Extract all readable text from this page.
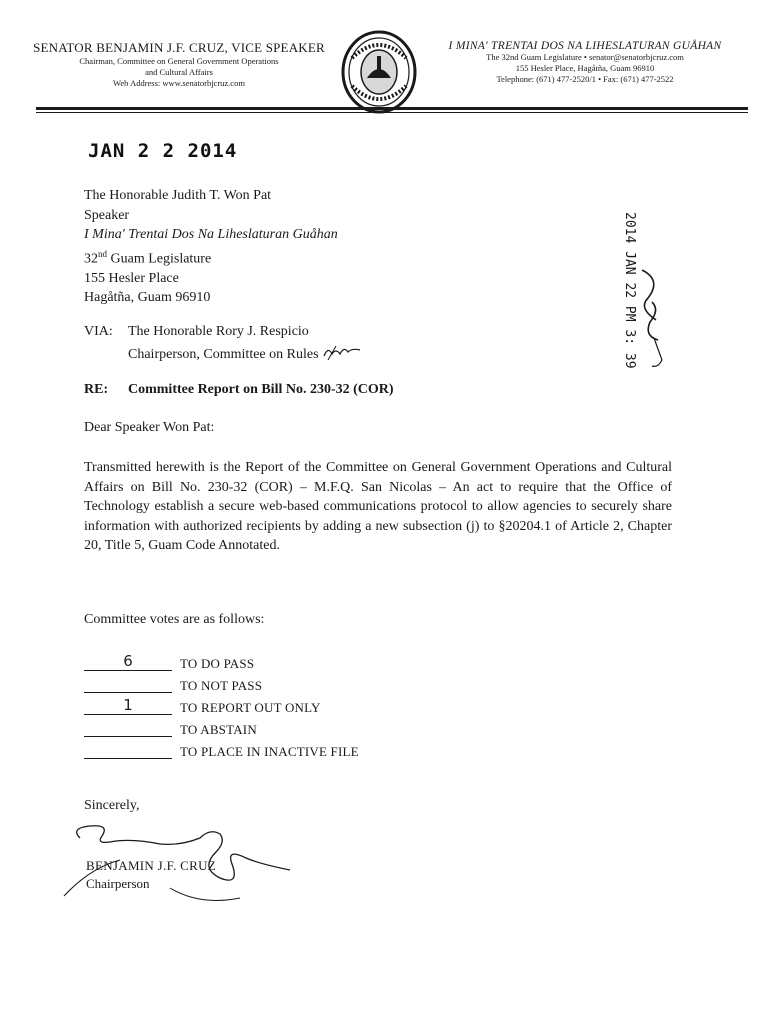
SENATOR BENJAMIN J.F. CRUZ, VICE SPEAKER
Chairman, Committee on General Government Operations
and Cultural Affairs
Web Address: www.senatorbjcruz.com
I MINA' TRENTAI DOS NA LIHESLATURAN GUÅHAN
The 32nd Guam Legislature • senator@senatorbjcruz.com
155 Hesler Place, Hagåtña, Guam 96910
Telephone: (671) 477-2520/1 • Fax: (671) 477-2522
JAN 2 2 2014
The Honorable Judith T. Won Pat
Speaker
I Mina' Trentai Dos Na Liheslaturan Guåhan
32nd Guam Legislature
155 Hesler Place
Hagåtña, Guam 96910	2014 JAN 22 PM 3: 39
VIA: The Honorable Rory J. Respicio
Chairperson, Committee on Rules
RE: Committee Report on Bill No. 230-32 (COR)
Dear Speaker Won Pat:
Transmitted herewith is the Report of the Committee on General Government Operations and Cultural Affairs on Bill No. 230-32 (COR) – M.F.Q. San Nicolas – An act to require that the Office of Technology establish a secure web-based communications protocol to allow agencies to securely share information with authorized recipients by adding a new subsection (j) to §20204.1 of Article 2, Chapter 20, Title 5, Guam Code Annotated.
Committee votes are as follows:
6	TO DO PASS
TO NOT PASS
1	TO REPORT OUT ONLY
TO ABSTAIN
TO PLACE IN INACTIVE FILE
Sincerely,
BENJAMIN J.F. CRUZ
Chairperson
